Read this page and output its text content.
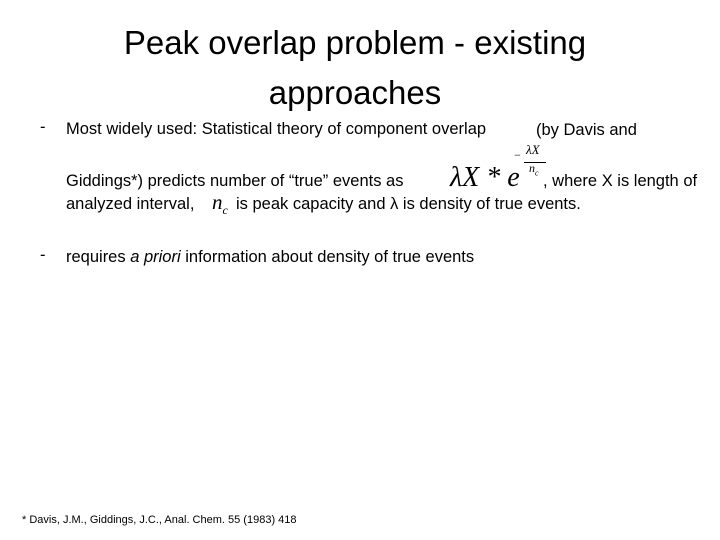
Peak overlap problem - existing
approaches
- Most widely used: Statistical theory of component overlap	(by Davis and
Giddings*) predicts number of “true” events as λX * e
− λX
$n_c$ , where X is length of
analyzed interval, $n_c$ is peak capacity and λ is density of true events.
- requires a priori information about density of true events
* Davis, J.M., Giddings, J.C., Anal. Chem. 55 (1983) 418
